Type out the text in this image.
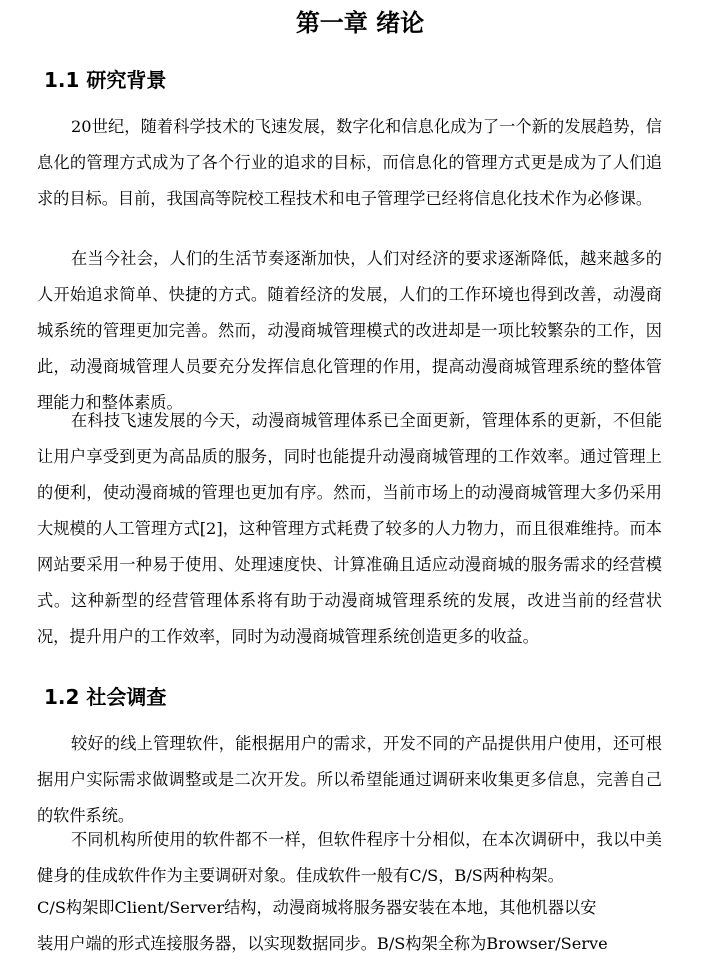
第一章 绪论
1.1 研究背景

20世纪，随着科学技术的飞速发展，数字化和信息化成为了一个新的发展趋势，信息化的管理方式成为了各个行业的追求的目标，而信息化的管理方式更是成为了人们追求的目标。目前，我国高等院校工程技术和电子管理学已经将信息化技术作为必修课。

在当今社会，人们的生活节奏逐渐加快，人们对经济的要求逐渐降低，越来越多的人开始追求简单、快捷的方式。随着经济的发展，人们的工作环境也得到改善，动漫商城系统的管理更加完善。然而，动漫商城管理模式的改进却是一项比较繁杂的工作，因此，动漫商城管理人员要充分发挥信息化管理的作用，提高动漫商城管理系统的整体管理能力和整体素质。

在科技飞速发展的今天，动漫商城管理体系已全面更新，管理体系的更新，不但能让用户享受到更为高品质的服务，同时也能提升动漫商城管理的工作效率。通过管理上的便利，使动漫商城的管理也更加有序。然而，当前市场上的动漫商城管理大多仍采用大规模的人工管理方式[2]，这种管理方式耗费了较多的人力物力，而且很难维持。而本网站要采用一种易于使用、处理速度快、计算准确且适应动漫商城的服务需求的经营模式。这种新型的经营管理体系将有助于动漫商城管理系统的发展，改进当前的经营状况，提升用户的工作效率，同时为动漫商城管理系统创造更多的收益。

1.2 社会调查

较好的线上管理软件，能根据用户的需求，开发不同的产品提供用户使用，还可根据用户实际需求做调整或是二次开发。所以希望能通过调研来收集更多信息，完善自己的软件系统。

不同机构所使用的软件都不一样，但软件程序十分相似，在本次调研中，我以中美健身的佳成软件作为主要调研对象。佳成软件一般有C/S，B/S两种构架。

C/S构架即Client/Server结构，动漫商城将服务器安装在本地，其他机器以安
装用户端的形式连接服务器，以实现数据同步。B/S构架全称为Browser/Serve
